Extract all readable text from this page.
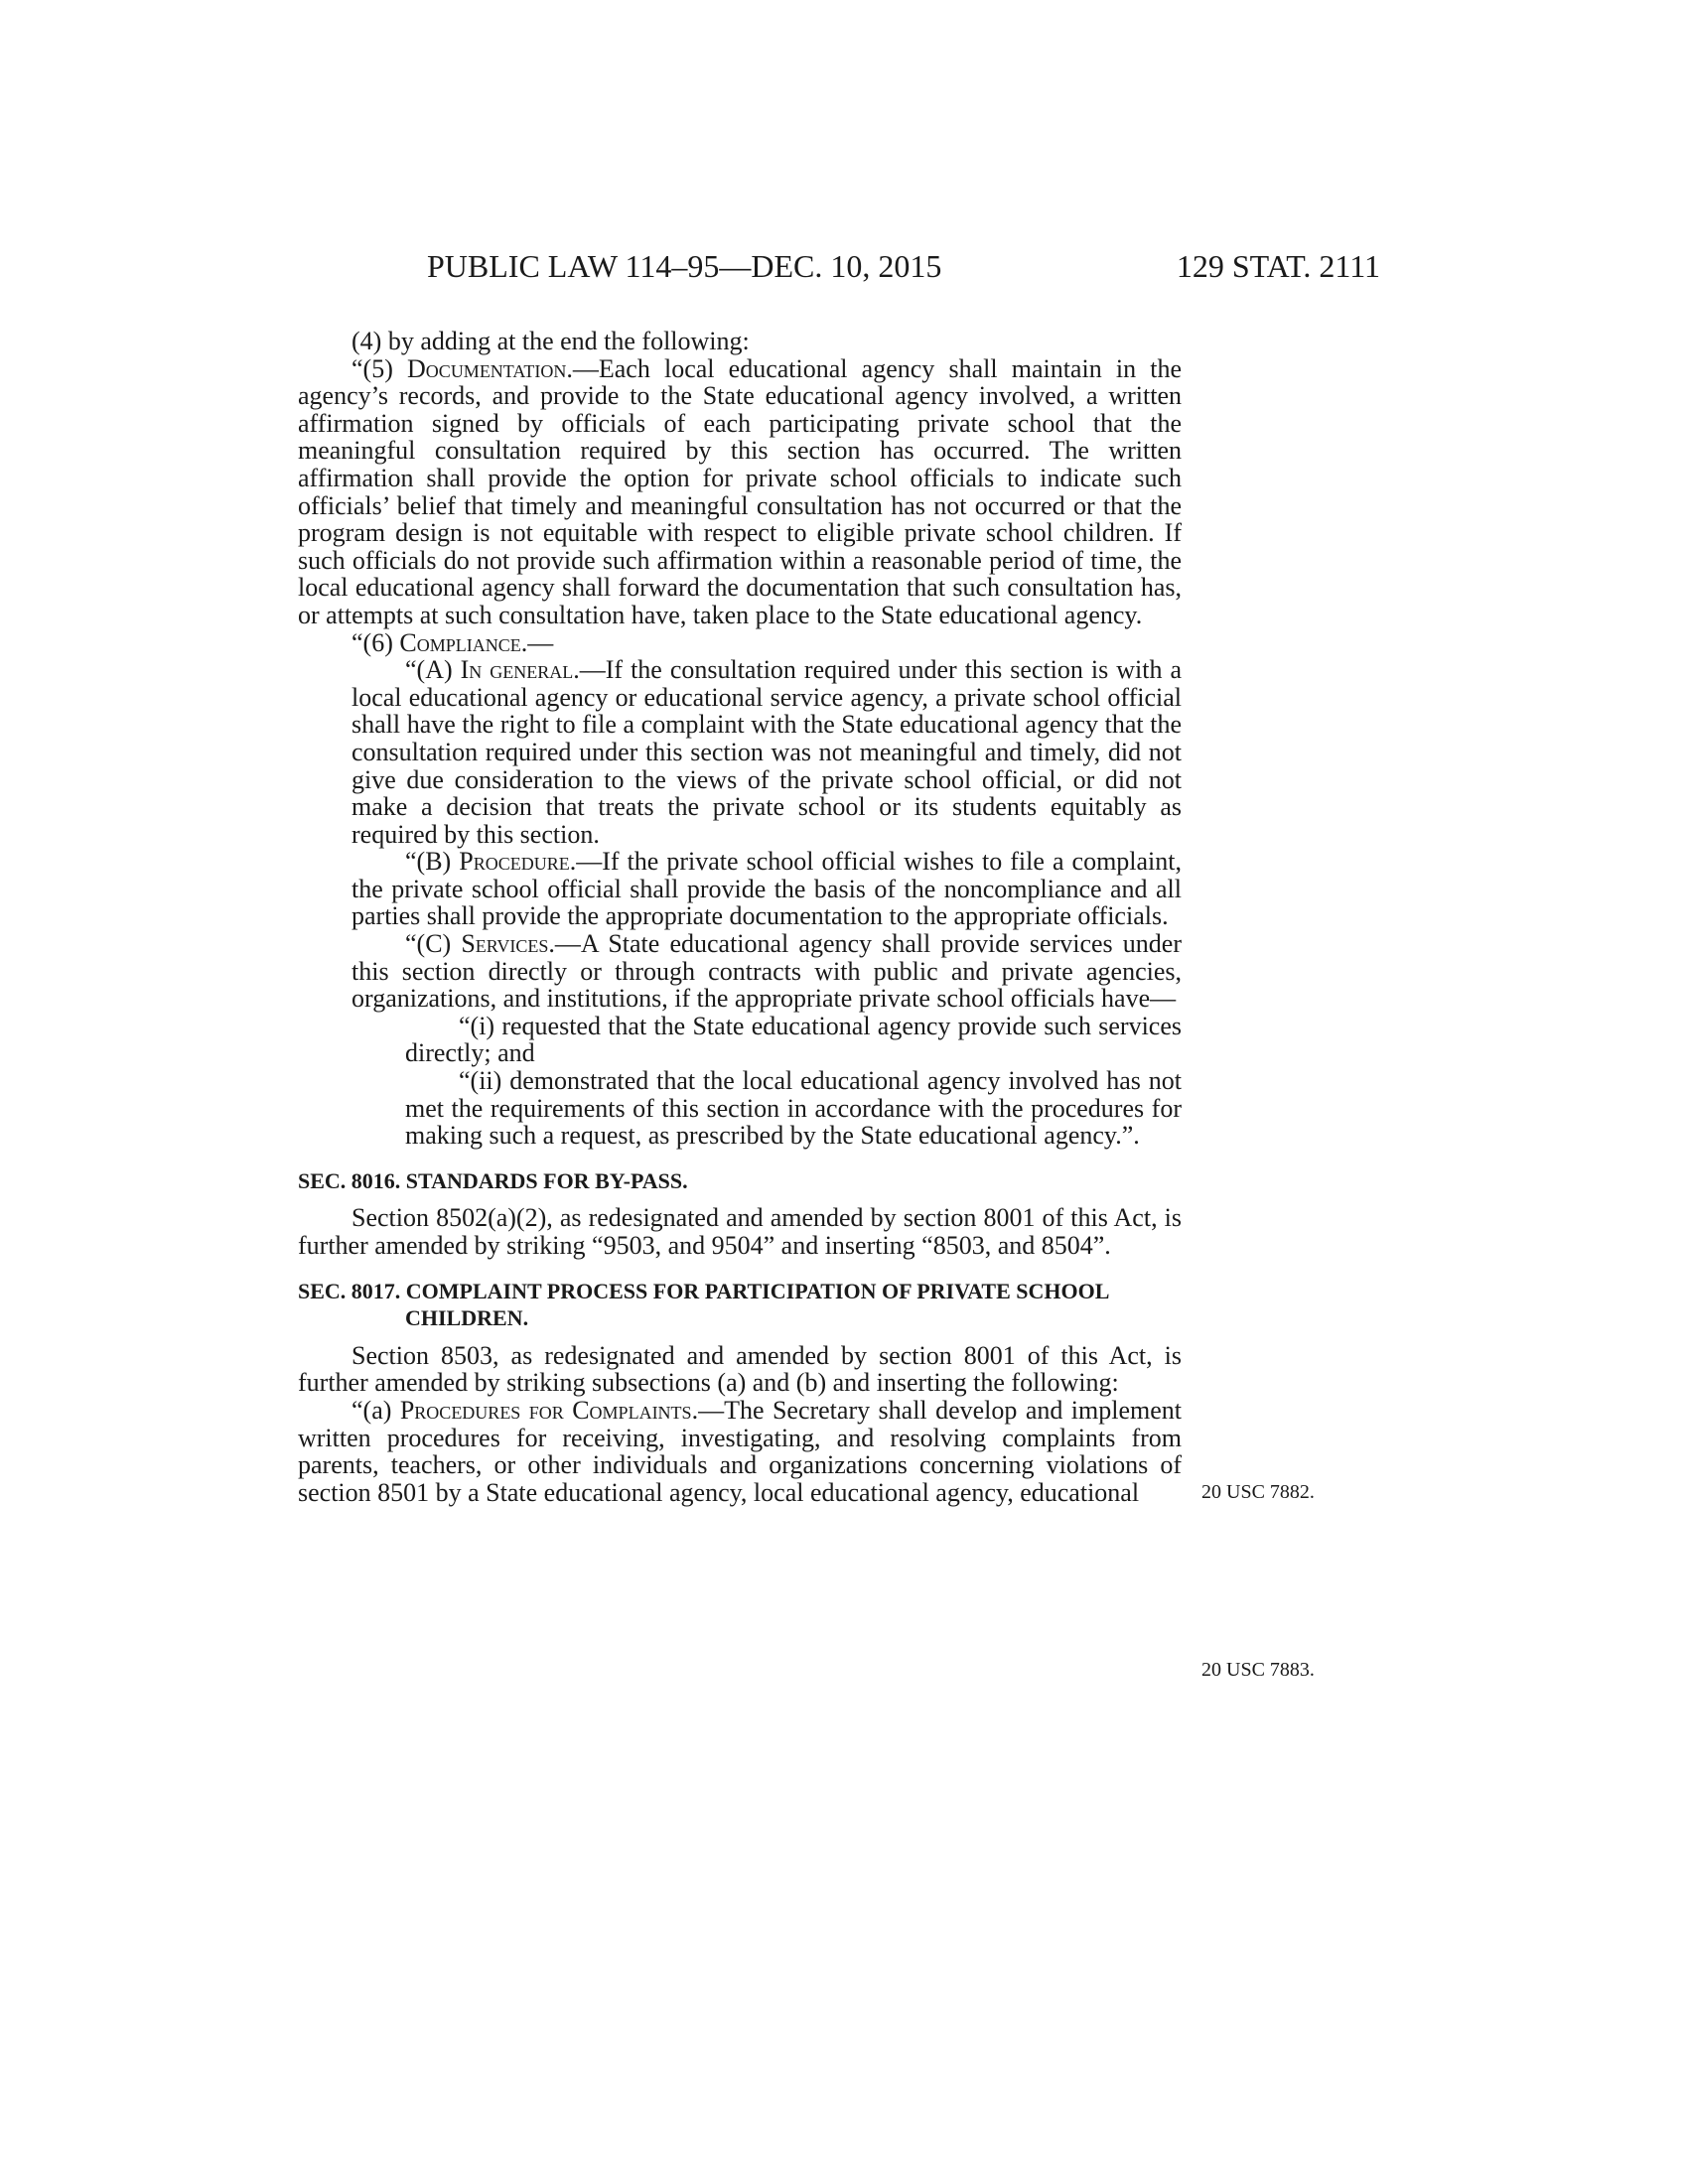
PUBLIC LAW 114–95—DEC. 10, 2015	129 STAT. 2111

(4) by adding at the end the following:

“(5) Documentation.—Each local educational agency shall maintain in the agency’s records, and provide to the State educational agency involved, a written affirmation signed by officials of each participating private school that the meaningful consultation required by this section has occurred. The written affirmation shall provide the option for private school officials to indicate such officials’ belief that timely and meaningful consultation has not occurred or that the program design is not equitable with respect to eligible private school children. If such officials do not provide such affirmation within a reasonable period of time, the local educational agency shall forward the documentation that such consultation has, or attempts at such consultation have, taken place to the State educational agency.

“(6) Compliance.—

“(A) In general.—If the consultation required under this section is with a local educational agency or educational service agency, a private school official shall have the right to file a complaint with the State educational agency that the consultation required under this section was not meaningful and timely, did not give due consideration to the views of the private school official, or did not make a decision that treats the private school or its students equitably as required by this section.

“(B) Procedure.—If the private school official wishes to file a complaint, the private school official shall provide the basis of the noncompliance and all parties shall provide the appropriate documentation to the appropriate officials.

“(C) Services.—A State educational agency shall provide services under this section directly or through contracts with public and private agencies, organizations, and institutions, if the appropriate private school officials have—

“(i) requested that the State educational agency provide such services directly; and

“(ii) demonstrated that the local educational agency involved has not met the requirements of this section in accordance with the procedures for making such a request, as prescribed by the State educational agency.”.

SEC. 8016. STANDARDS FOR BY-PASS.

Section 8502(a)(2), as redesignated and amended by section 8001 of this Act, is further amended by striking “9503, and 9504” and inserting “8503, and 8504”.

SEC. 8017. COMPLAINT PROCESS FOR PARTICIPATION OF PRIVATE SCHOOL CHILDREN.

Section 8503, as redesignated and amended by section 8001 of this Act, is further amended by striking subsections (a) and (b) and inserting the following:

“(a) Procedures for Complaints.—The Secretary shall develop and implement written procedures for receiving, investigating, and resolving complaints from parents, teachers, or other individuals and organizations concerning violations of section 8501 by a State educational agency, local educational agency, educational	20 USC 7882.
20 USC 7883.
